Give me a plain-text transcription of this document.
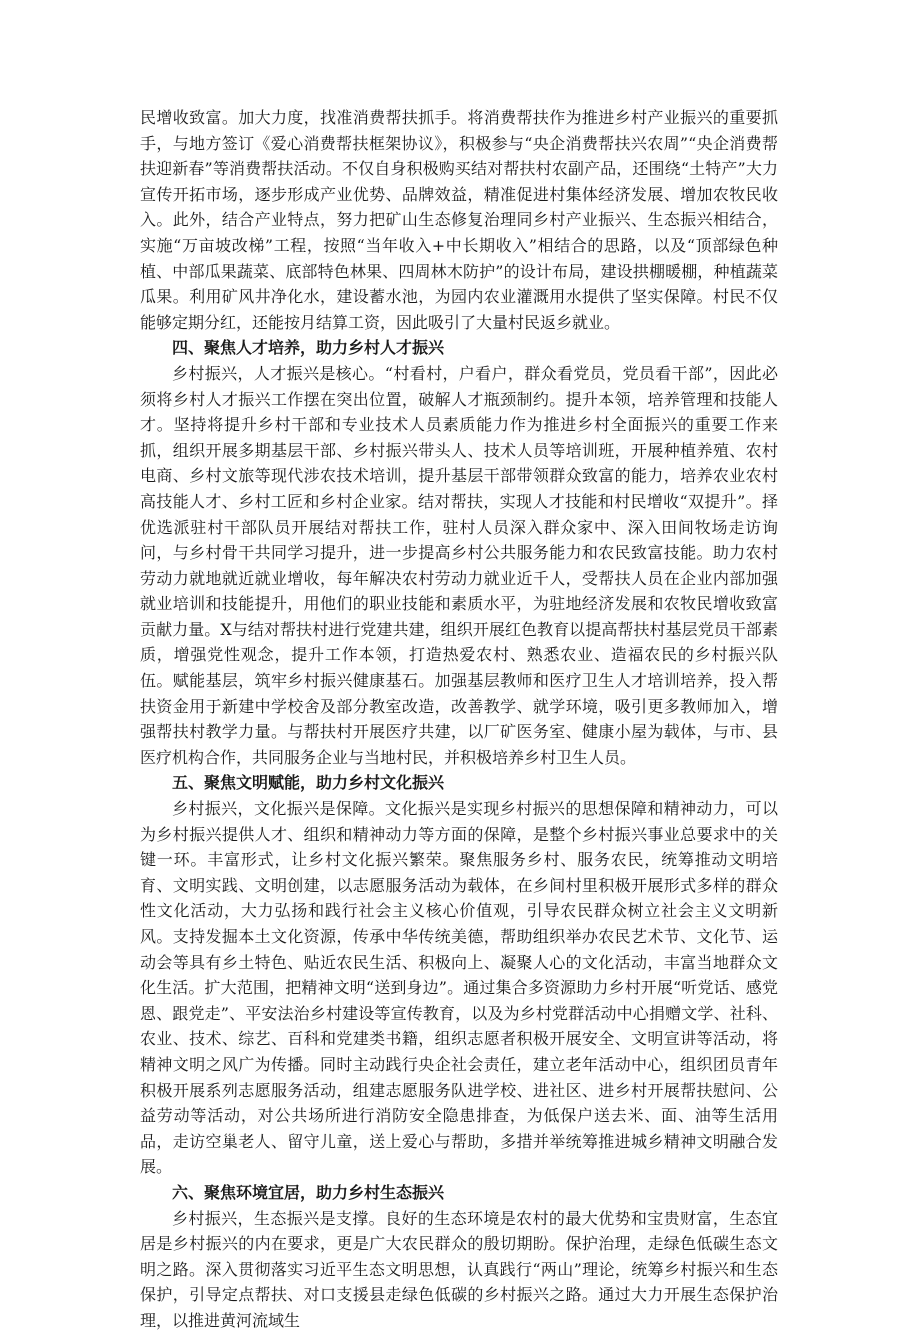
民增收致富。加大力度，找准消费帮扶抓手。将消费帮扶作为推进乡村产业振兴的重要抓手，与地方签订《爱心消费帮扶框架协议》，积极参与“央企消费帮扶兴农周”“央企消费帮扶迎新春”等消费帮扶活动。不仅自身积极购买结对帮扶村农副产品，还围绕“土特产”大力宣传开拓市场，逐步形成产业优势、品牌效益，精准促进村集体经济发展、增加农牧民收入。此外，结合产业特点，努力把矿山生态修复治理同乡村产业振兴、生态振兴相结合，实施“万亩坡改梯”工程，按照“当年收入+中长期收入”相结合的思路，以及“顶部绿色种植、中部瓜果蔬菜、底部特色林果、四周林木防护”的设计布局，建设拱棚暖棚，种植蔬菜瓜果。利用矿风井净化水，建设蓄水池，为园内农业灌溉用水提供了坚实保障。村民不仅能够定期分红，还能按月结算工资，因此吸引了大量村民返乡就业。

四、聚焦人才培养，助力乡村人才振兴

乡村振兴，人才振兴是核心。“村看村，户看户，群众看党员，党员看干部”，因此必须将乡村人才振兴工作摆在突出位置，破解人才瓶颈制约。提升本领，培养管理和技能人才。坚持将提升乡村干部和专业技术人员素质能力作为推进乡村全面振兴的重要工作来抓，组织开展多期基层干部、乡村振兴带头人、技术人员等培训班，开展种植养殖、农村电商、乡村文旅等现代涉农技术培训，提升基层干部带领群众致富的能力，培养农业农村高技能人才、乡村工匠和乡村企业家。结对帮扶，实现人才技能和村民增收“双提升”。择优选派驻村干部队员开展结对帮扶工作，驻村人员深入群众家中、深入田间牧场走访询问，与乡村骨干共同学习提升，进一步提高乡村公共服务能力和农民致富技能。助力农村劳动力就地就近就业增收，每年解决农村劳动力就业近千人，受帮扶人员在企业内部加强就业培训和技能提升，用他们的职业技能和素质水平，为驻地经济发展和农牧民增收致富贡献力量。X与结对帮扶村进行党建共建，组织开展红色教育以提高帮扶村基层党员干部素质，增强党性观念，提升工作本领，打造热爱农村、熟悉农业、造福农民的乡村振兴队伍。赋能基层，筑牢乡村振兴健康基石。加强基层教师和医疗卫生人才培训培养，投入帮扶资金用于新建中学校舍及部分教室改造，改善教学、就学环境，吸引更多教师加入，增强帮扶村教学力量。与帮扶村开展医疗共建，以厂矿医务室、健康小屋为载体，与市、县医疗机构合作，共同服务企业与当地村民，并积极培养乡村卫生人员。

五、聚焦文明赋能，助力乡村文化振兴

乡村振兴，文化振兴是保障。文化振兴是实现乡村振兴的思想保障和精神动力，可以为乡村振兴提供人才、组织和精神动力等方面的保障，是整个乡村振兴事业总要求中的关键一环。丰富形式，让乡村文化振兴繁荣。聚焦服务乡村、服务农民，统筹推动文明培育、文明实践、文明创建，以志愿服务活动为载体，在乡间村里积极开展形式多样的群众性文化活动，大力弘扬和践行社会主义核心价值观，引导农民群众树立社会主义文明新风。支持发掘本土文化资源，传承中华传统美德，帮助组织举办农民艺术节、文化节、运动会等具有乡土特色、贴近农民生活、积极向上、凝聚人心的文化活动，丰富当地群众文化生活。扩大范围，把精神文明“送到身边”。通过集合多资源助力乡村开展“听党话、感党恩、跟党走”、平安法治乡村建设等宣传教育，以及为乡村党群活动中心捐赠文学、社科、农业、技术、综艺、百科和党建类书籍，组织志愿者积极开展安全、文明宣讲等活动，将精神文明之风广为传播。同时主动践行央企社会责任，建立老年活动中心，组织团员青年积极开展系列志愿服务活动，组建志愿服务队进学校、进社区、进乡村开展帮扶慰问、公益劳动等活动，对公共场所进行消防安全隐患排查，为低保户送去米、面、油等生活用品，走访空巢老人、留守儿童，送上爱心与帮助，多措并举统筹推进城乡精神文明融合发展。

六、聚焦环境宜居，助力乡村生态振兴

乡村振兴，生态振兴是支撑。良好的生态环境是农村的最大优势和宝贵财富，生态宜居是乡村振兴的内在要求，更是广大农民群众的殷切期盼。保护治理，走绿色低碳生态文明之路。深入贯彻落实习近平生态文明思想，认真践行“两山”理论，统筹乡村振兴和生态保护，引导定点帮扶、对口支援县走绿色低碳的乡村振兴之路。通过大力开展生态保护治理，以推进黄河流域生
